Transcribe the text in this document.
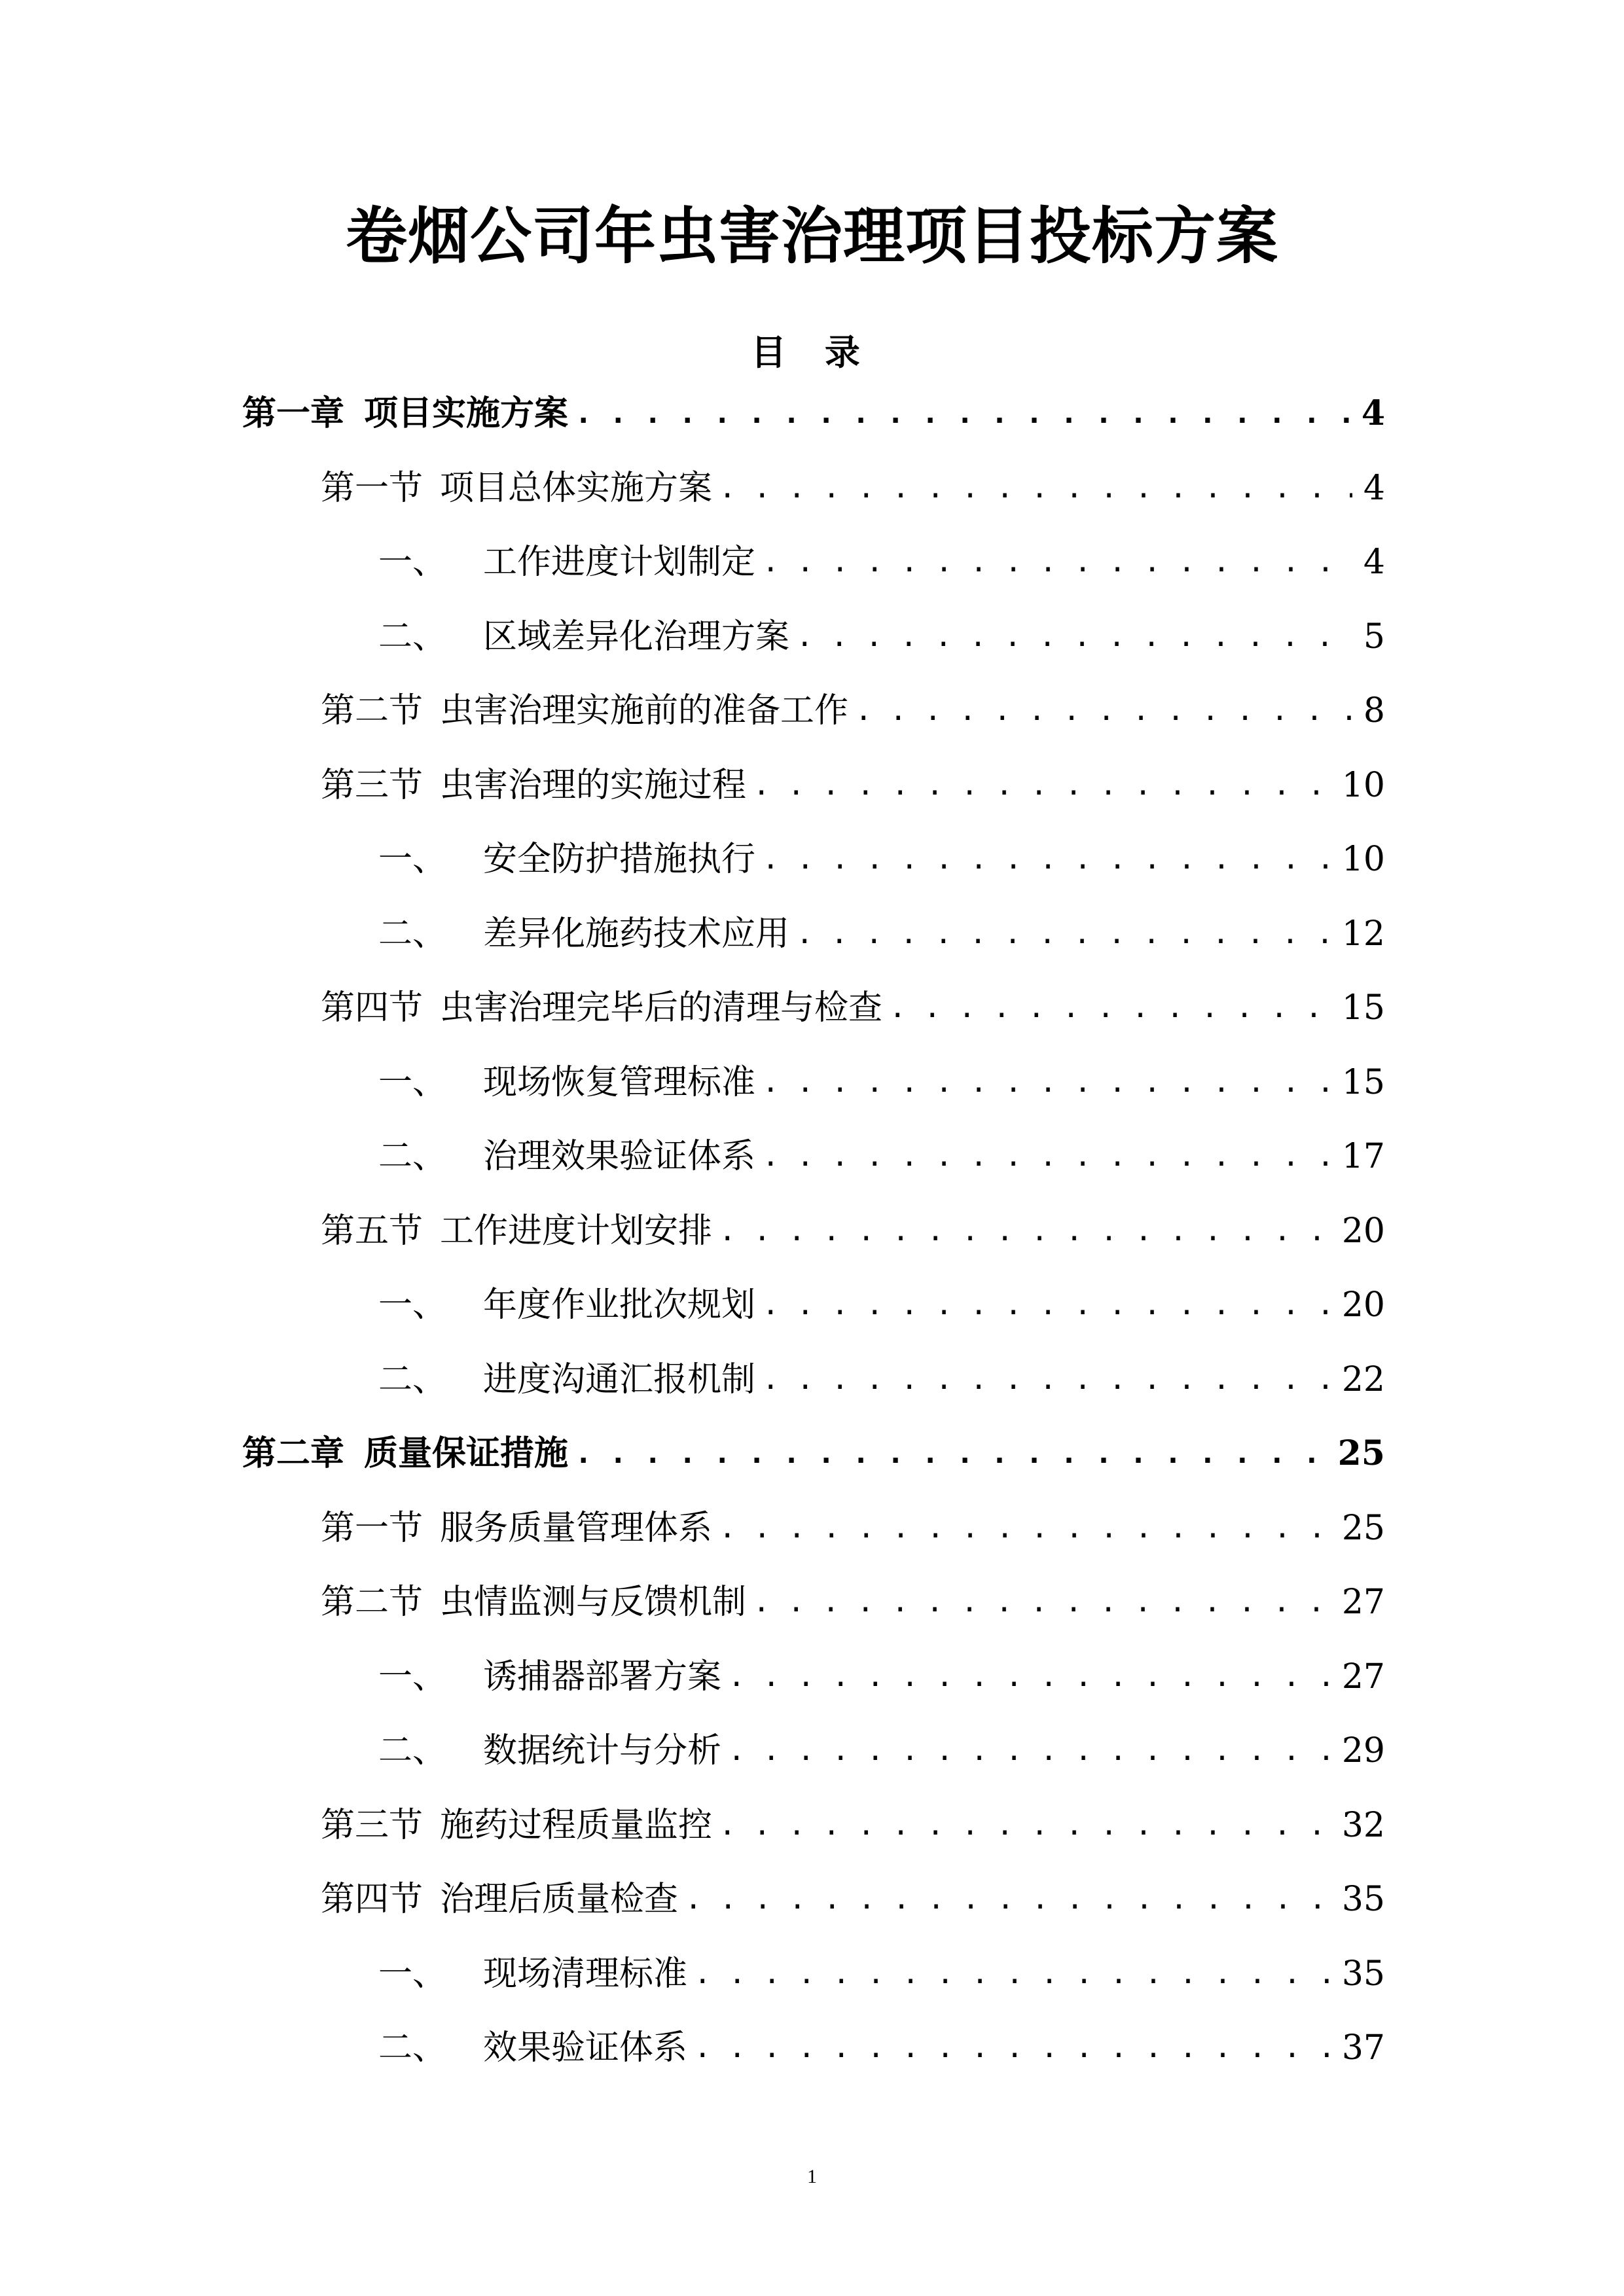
卷烟公司年虫害治理项目投标方案
目 录
第一章 项目实施方案 . . .	4
第一节 项目总体实施方案 . . .	4
一、 工作进度计划制定 . . .	4
二、 区域差异化治理方案 . . .	5
第二节 虫害治理实施前的准备工作 . . .	8
第三节 虫害治理的实施过程 . . .	10
一、 安全防护措施执行 . . .	10
二、 差异化施药技术应用 . . .	12
第四节 虫害治理完毕后的清理与检查 . . .	15
一、 现场恢复管理标准 . . .	15
二、 治理效果验证体系 . . .	17
第五节 工作进度计划安排 . . .	20
一、 年度作业批次规划 . . .	20
二、 进度沟通汇报机制 . . .	22
第二章 质量保证措施 . . .	25
第一节 服务质量管理体系 . . .	25
第二节 虫情监测与反馈机制 . . .	27
一、 诱捕器部署方案 . . .	27
二、 数据统计与分析 . . .	29
第三节 施药过程质量监控 . . .	32
第四节 治理后质量检查 . . .	35
一、 现场清理标准 . . .	35
二、 效果验证体系 . . .	37
1
